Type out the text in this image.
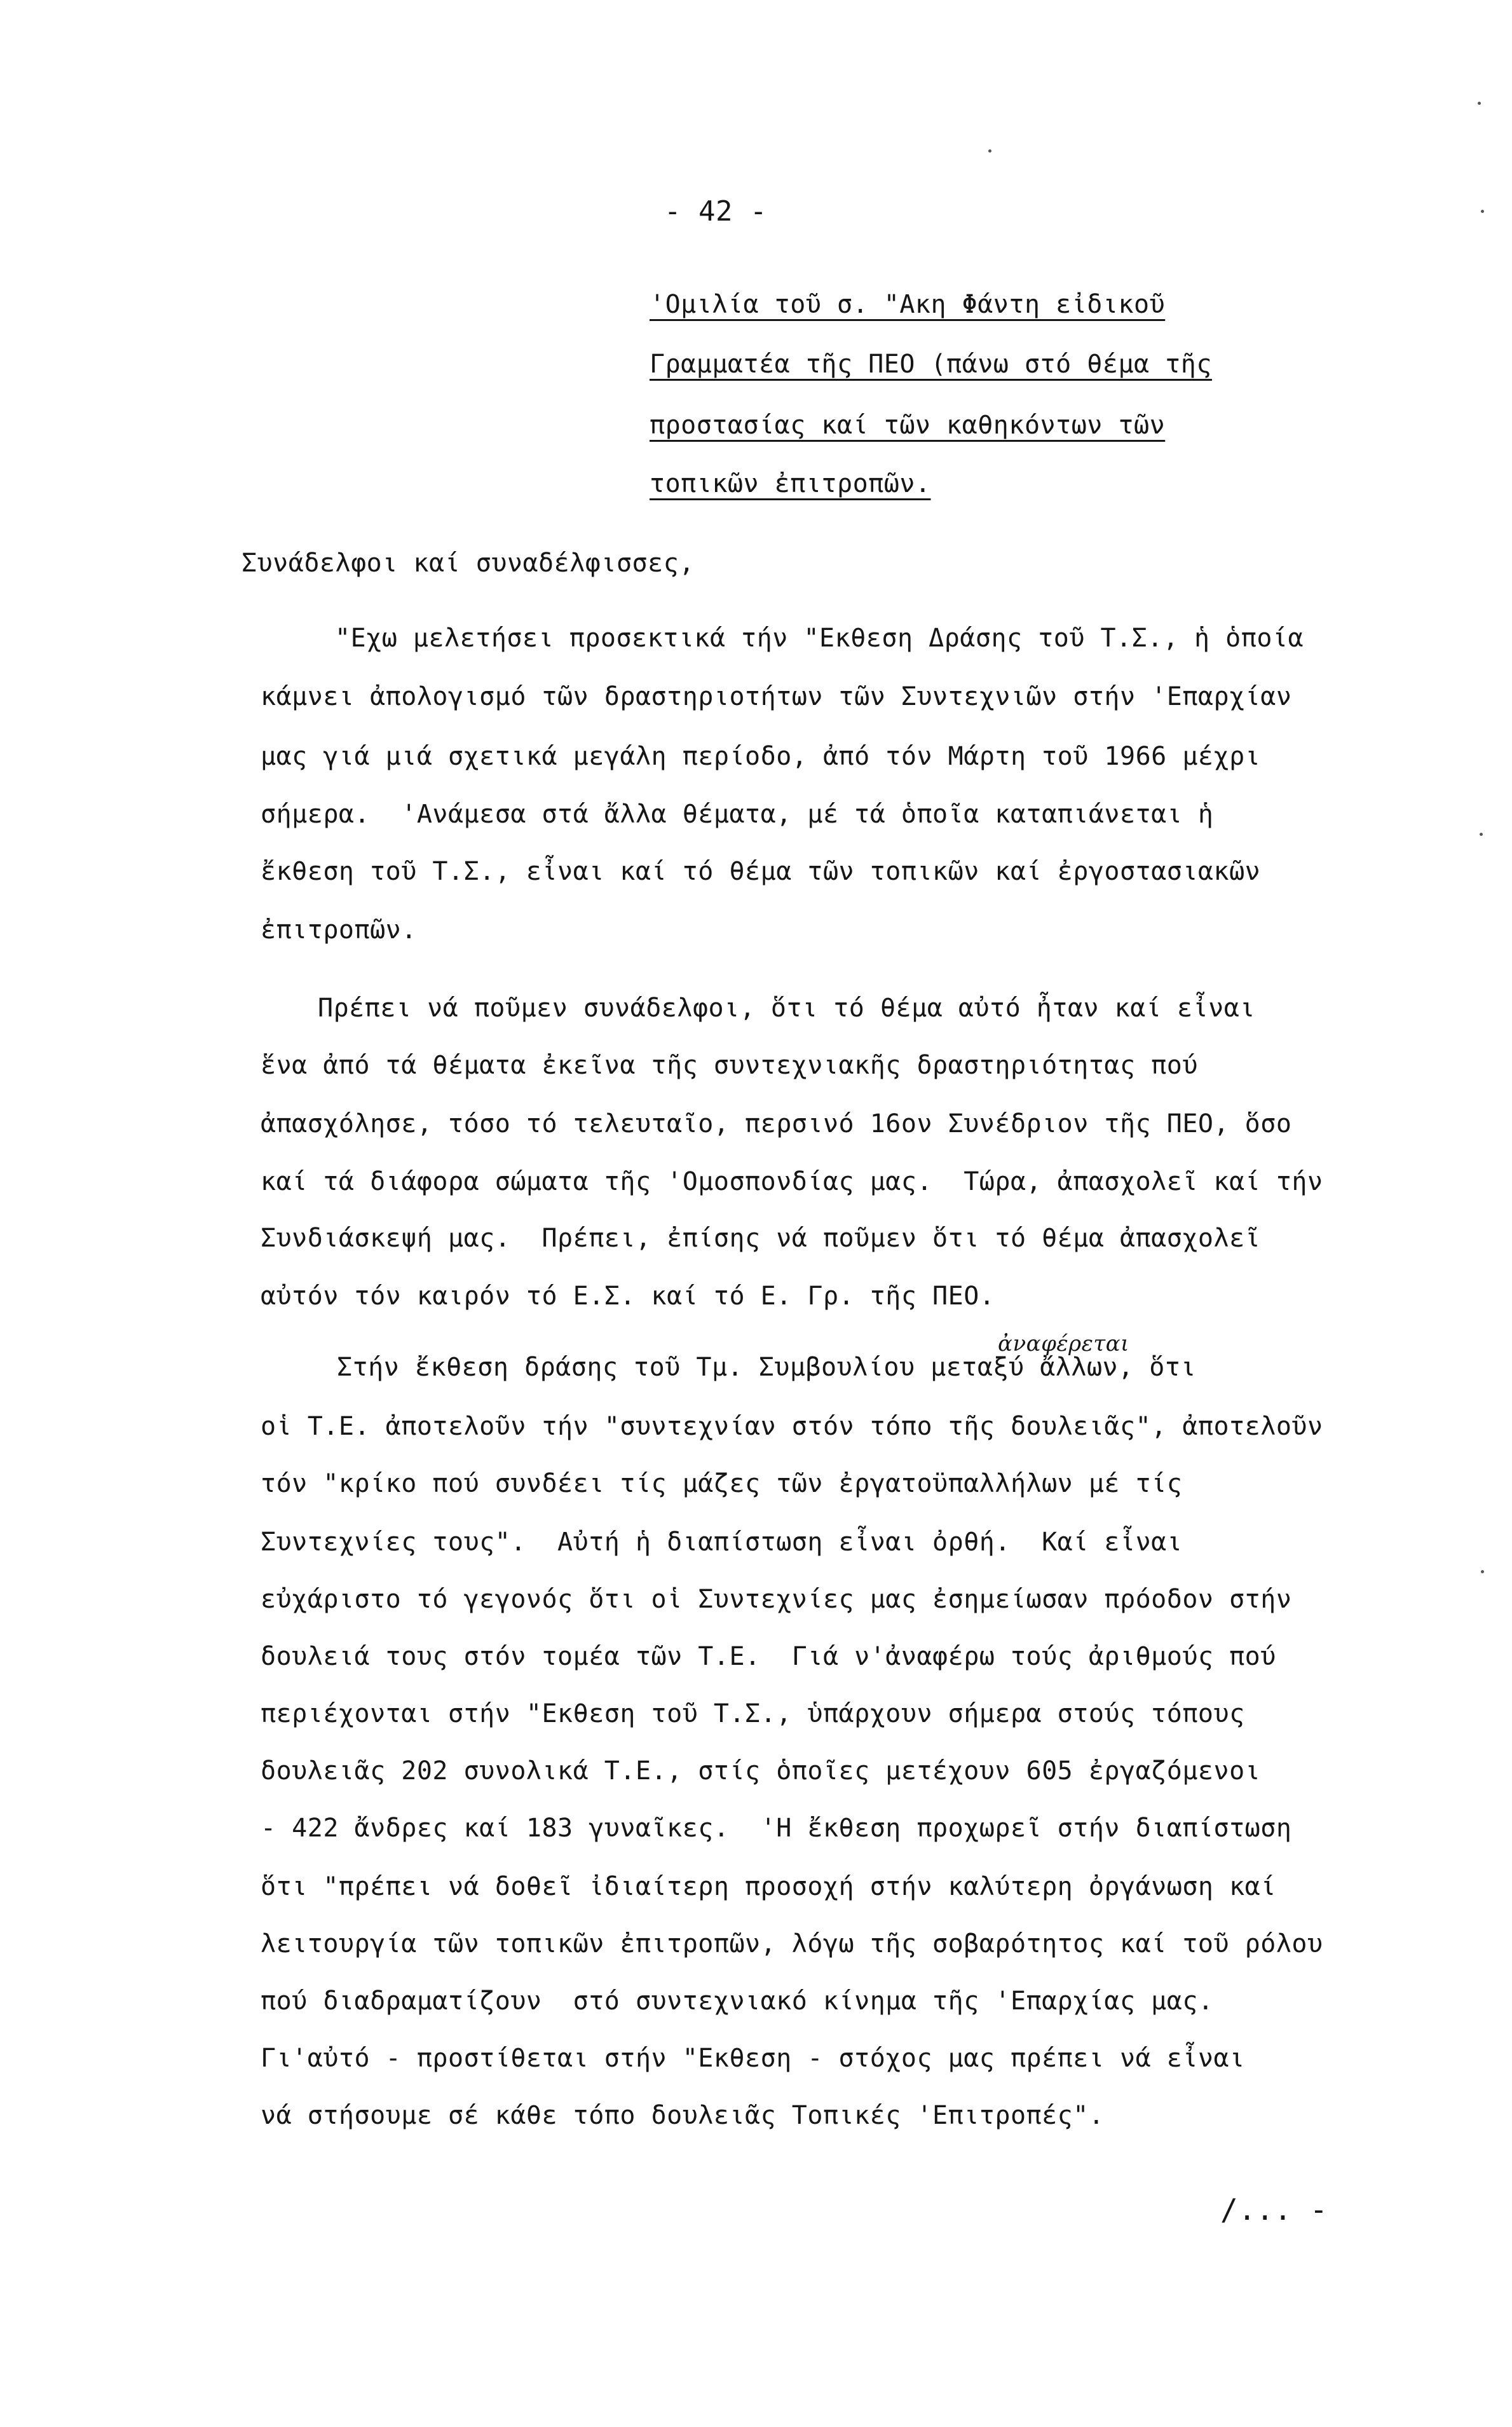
- 42 -
'Ομιλία τοῦ σ. "Ακη Φάντη εἰδικοῦ
Γραμματέα τῆς ΠΕΟ (πάνω στό θέμα τῆς
προστασίας καί τῶν καθηκόντων τῶν
τοπικῶν ἐπιτροπῶν.
Συνάδελφοι καί συναδέλφισσες,
"Εχω μελετήσει προσεκτικά τήν "Εκθεση Δράσης τοῦ Τ.Σ., ἡ ὁποία
κάμνει ἀπολογισμό τῶν δραστηριοτήτων τῶν Συντεχνιῶν στήν 'Επαρχίαν
μας γιά μιά σχετικά μεγάλη περίοδο, ἀπό τόν Μάρτη τοῦ 1966 μέχρι
σήμερα.  'Ανάμεσα στά ἄλλα θέματα, μέ τά ὁποῖα καταπιάνεται ἡ
ἔκθεση τοῦ Τ.Σ., εἶναι καί τό θέμα τῶν τοπικῶν καί ἐργοστασιακῶν
ἐπιτροπῶν.
Πρέπει νά ποῦμεν συνάδελφοι, ὅτι τό θέμα αὐτό ἦταν καί εἶναι
ἕνα ἀπό τά θέματα ἐκεῖνα τῆς συντεχνιακῆς δραστηριότητας πού
ἀπασχόλησε, τόσο τό τελευταῖο, περσινό 16ον Συνέδριον τῆς ΠΕΟ, ὅσο
καί τά διάφορα σώματα τῆς 'Ομοσπονδίας μας.  Τώρα, ἀπασχολεῖ καί τήν
Συνδιάσκεψή μας.  Πρέπει, ἐπίσης νά ποῦμεν ὅτι τό θέμα ἀπασχολεῖ
αὐτόν τόν καιρόν τό Ε.Σ. καί τό Ε. Γρ. τῆς ΠΕΟ.
ἀναφέρεται
Στήν ἔκθεση δράσης τοῦ Τμ. Συμβουλίου μεταξύ ἄλλων, ὅτι
οἱ Τ.Ε. ἀποτελοῦν τήν "συντεχνίαν στόν τόπο τῆς δουλειᾶς", ἀποτελοῦν
τόν "κρίκο πού συνδέει τίς μάζες τῶν ἐργατοϋπαλλήλων μέ τίς
Συντεχνίες τους".  Αὐτή ἡ διαπίστωση εἶναι ὀρθή.  Καί εἶναι
εὐχάριστο τό γεγονός ὅτι οἱ Συντεχνίες μας ἐσημείωσαν πρόοδον στήν
δουλειά τους στόν τομέα τῶν Τ.Ε.  Γιά ν'ἀναφέρω τούς ἀριθμούς πού
περιέχονται στήν "Εκθεση τοῦ Τ.Σ., ὑπάρχουν σήμερα στούς τόπους
δουλειᾶς 202 συνολικά Τ.Ε., στίς ὁποῖες μετέχουν 605 ἐργαζόμενοι
- 422 ἄνδρες καί 183 γυναῖκες.  'Η ἔκθεση προχωρεῖ στήν διαπίστωση
ὅτι "πρέπει νά δοθεῖ ἰδιαίτερη προσοχή στήν καλύτερη ὀργάνωση καί
λειτουργία τῶν τοπικῶν ἐπιτροπῶν, λόγω τῆς σοβαρότητος καί τοῦ ρόλου
πού διαδραματίζουν  στό συντεχνιακό κίνημα τῆς 'Επαρχίας μας.
Γι'αὐτό - προστίθεται στήν "Εκθεση - στόχος μας πρέπει νά εἶναι
νά στήσουμε σέ κάθε τόπο δουλειᾶς Τοπικές 'Επιτροπές".
/... -
